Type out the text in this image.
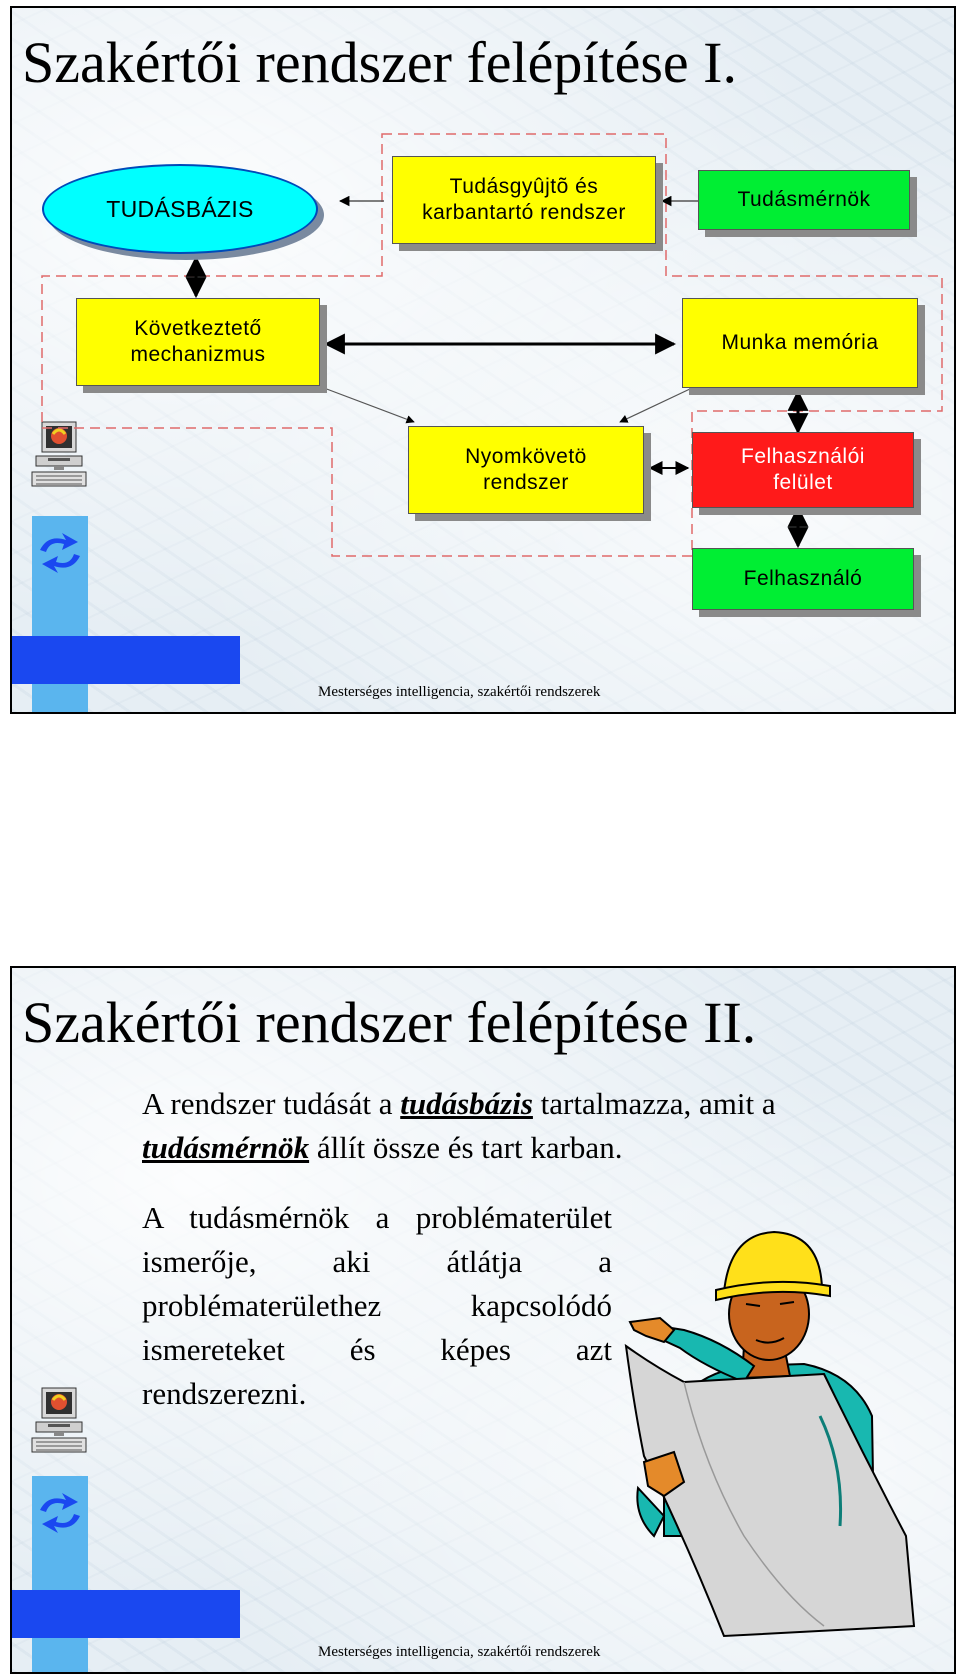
Szakértői rendszer felépítése I.
TUDÁSBÁZIS
Tudásgyûjtõ és
karbantartó rendszer
Tudásmérnök
Következtető
mechanizmus
Munka memória
Nyomkövetö
rendszer
Felhasználói
felület
Felhasználó
Mesterséges intelligencia, szakértői rendszerek
Szakértői rendszer felépítése II.

A rendszer tudását a tudásbázis tartalmazza, amit a tudásmérnök állít össze és tart karban.

A tudásmérnök a problématerület ismerője, aki átlátja a problématerülethez kapcsolódó ismereteket és képes azt rendszerezni.

Mesterséges intelligencia, szakértői rendszerek
